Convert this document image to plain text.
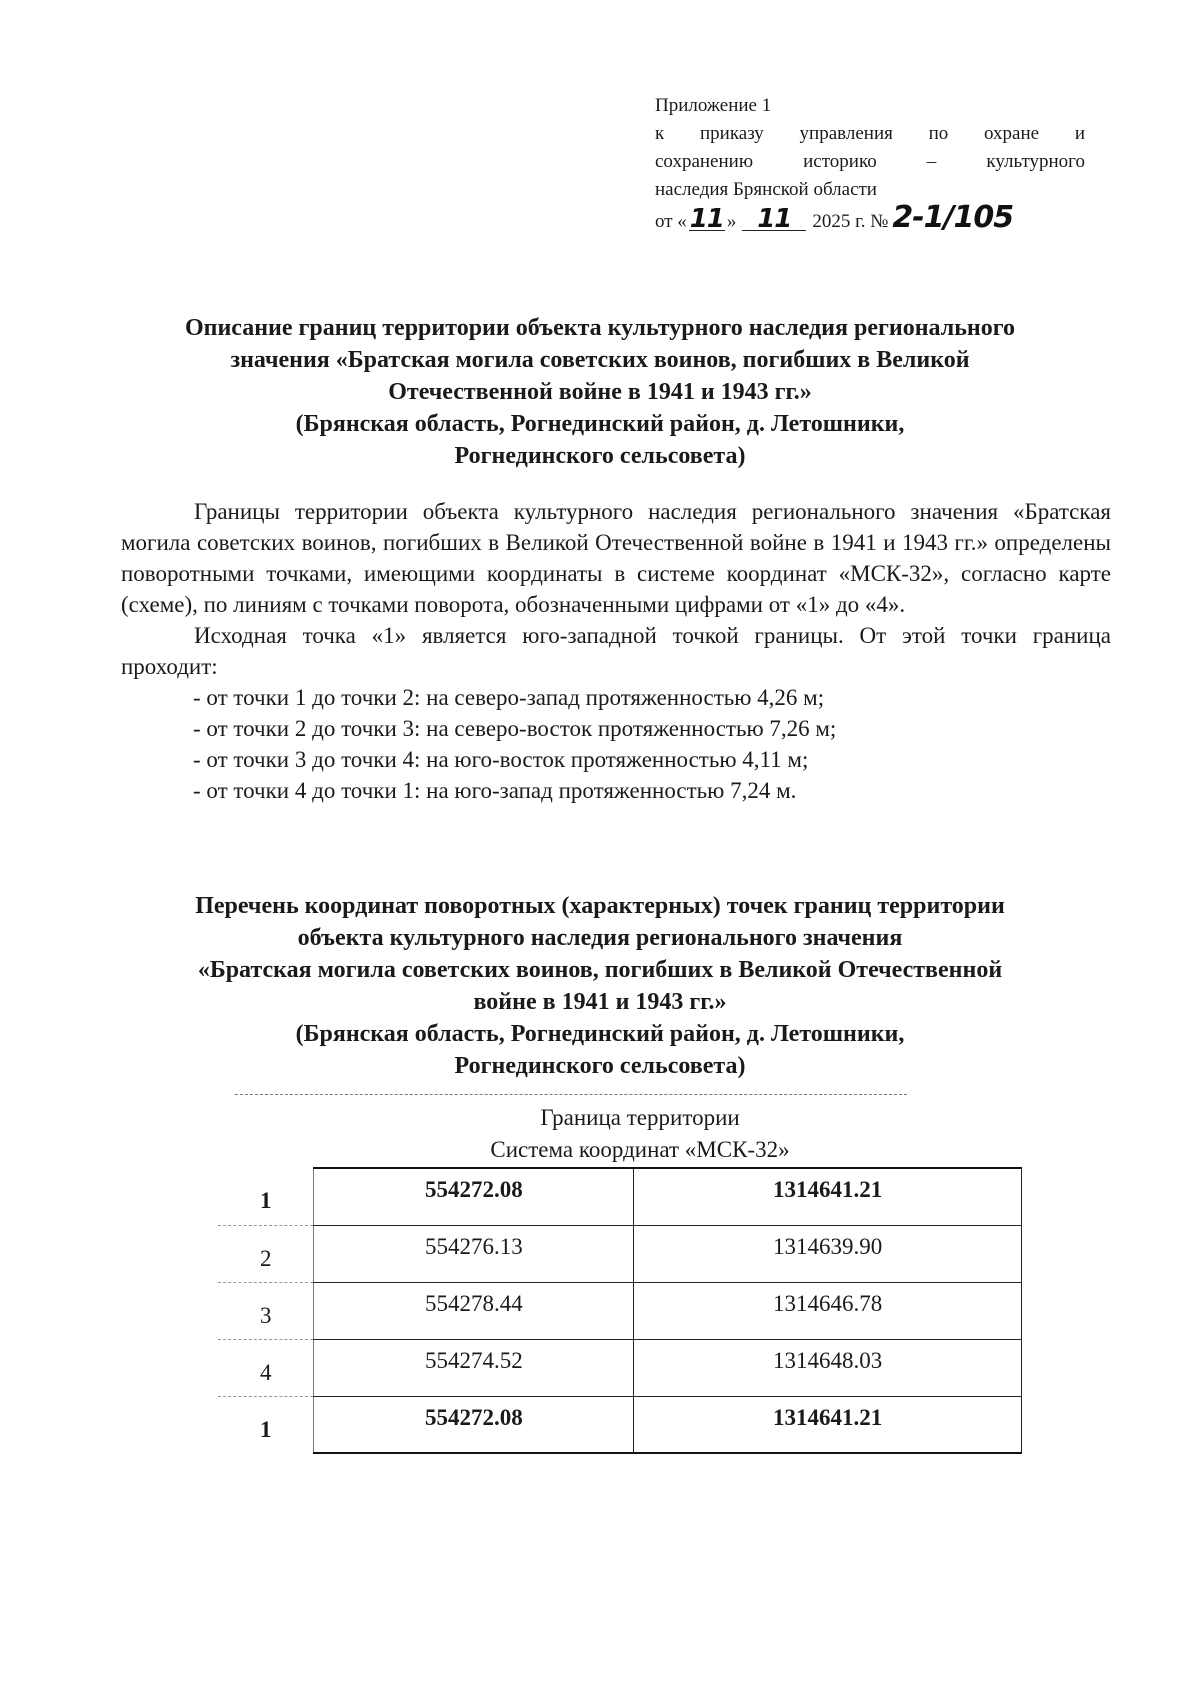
Приложение 1
к приказу управления по охране и
сохранению историко – культурного
наследия Брянской области
от « 11 » 11	2025 г. № 2-1/105
Описание границ территории объекта культурного наследия регионального
значения «Братская могила советских воинов, погибших в Великой
Отечественной войне в 1941 и 1943 гг.»
(Брянская область, Рогнединский район, д. Летошники,
Рогнединского сельсовета)

Границы территории объекта культурного наследия регионального значения «Братская могила советских воинов, погибших в Великой Отечественной войне в 1941 и 1943 гг.» определены поворотными точками, имеющими координаты в системе координат «МСК-32», согласно карте (схеме), по линиям с точками поворота, обозначенными цифрами от «1» до «4».

Исходная точка «1» является юго-западной точкой границы. От этой точки граница проходит:

- от точки 1 до точки 2: на северо-запад протяженностью 4,26 м;
- от точки 2 до точки 3: на северо-восток протяженностью 7,26 м;
- от точки 3 до точки 4: на юго-восток протяженностью 4,11 м;
- от точки 4 до точки 1: на юго-запад протяженностью 7,24 м.
Перечень координат поворотных (характерных) точек границ территории
объекта культурного наследия регионального значения
«Братская могила советских воинов, погибших в Великой Отечественной
войне в 1941 и 1943 гг.»
(Брянская область, Рогнединский район, д. Летошники,
Рогнединского сельсовета)
Граница территории
Система координат «МСК-32»
1	554272.08	1314641.21
2	554276.13	1314639.90
3	554278.44	1314646.78
4	554274.52	1314648.03
1	554272.08	1314641.21
